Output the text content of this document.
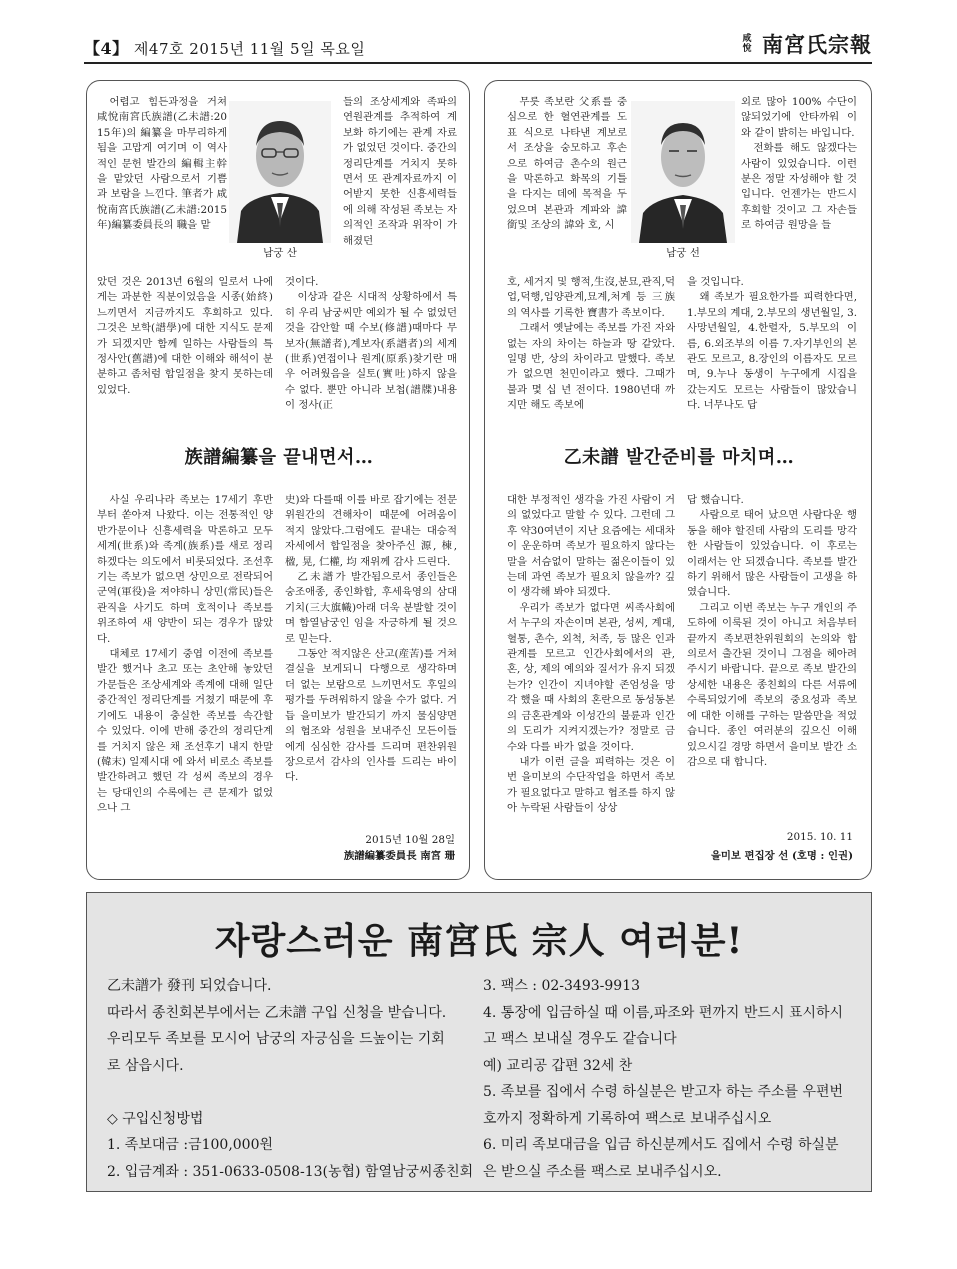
【4】 제47호 2015년 11월 5일 목요일
咸
悅 南宮氏宗報

어렵고 힘든과정을 거쳐 咸悅南宮氏族譜(乙未譜:2015年)의 編纂을 마무리하게 됨을 고맙게 여기며 이 역사적인 문헌 발간의 編輯主幹을 맡았던 사람으로서 기쁨과 보람을 느낀다. 筆者가 咸悅南宮氏族譜(乙未譜:2015年)編纂委員長의 職을 맡

남궁 산

았던 것은 2013년 6월의 일로서 나에게는 과분한 직분이었음을 시종(始終) 느끼면서 지금까지도 후회하고 있다. 그것은 보학(譜學)에 대한 지식도 문제가 되겠지만 함께 일하는 사람들의 특정사안(舊譜)에 대한 이해와 해석이 분분하고 좀처럼 합일점을 찾지 못하는데 있었다.

들의 조상세계와 족파의 연원관계를 추적하여 계보화 하기에는 관계 자료가 없었던 것이다. 중간의 정리단계를 거치지 못하면서 또 관계자료까지 이어받지 못한 신흥세력들에 의해 작성된 족보는 자의적인 조작과 위작이 가해졌던

것이다.

이상과 같은 시대적 상황하에서 특히 우리 남궁씨만 예외가 될 수 없었던 것을 감안할 때 수보(修譜)때마다 무보자(無譜者),계보자(系譜者)의 세계(世系)연접이나 원계(原系)찾기란 매우 어려웠음을 실토(實吐)하지 않을 수 없다. 뿐만 아니라 보첩(譜牒)내용이 정사(正

族譜編纂을 끝내면서…

사실 우리나라 족보는 17세기 후반부터 쏟아져 나왔다. 이는 전통적인 양반가문이나 신흥세력을 막론하고 모두 세계(世系)와 족계(族系)를 새로 정리 하겠다는 의도에서 비롯되었다. 조선후기는 족보가 없으면 상민으로 전락되어 군역(軍役)을 져야하니 상민(常民)들은 관직을 사기도 하며 호적이나 족보를 위조하여 새 양반이 되는 경우가 많았다.

대체로 17세기 중엽 이전에 족보를 발간 했거나 초고 또는 초안해 놓았던 가문들은 조상세계와 족계에 대해 일단 중간적인 정리단계를 거쳤기 때문에 후기에도 내용이 충실한 족보를 속간할 수 있었다. 이에 반해 중간의 정리단계를 거치지 않은 채 조선후기 내지 한말(韓末) 일제시대 에 와서 비로소 족보를 발간하려고 했던 각 성씨 족보의 경우는 당대인의 수록에는 큰 문제가 없었으나 그

史)와 다를때 이를 바로 잡기에는 전문위원간의 견해차이 때문에 어려움이 적지 않았다.그럼에도 끝내는 대승적 자세에서 합일점을 찾아주신 源, 棟, 楹, 晃, 仁權, 均 재위께 감사 드린다.

乙未譜가 발간됨으로서 종인들은 숭조애종, 종인화합, 후세육영의 삼대기치(三大旗幟)아래 더욱 분발할 것이며 함열남궁인 임을 자긍하게 될 것으로 믿는다.

그동안 적지않은 산고(産苦)를 거쳐 결실을 보게되니 다행으로 생각하며 더 없는 보람으로 느끼면서도 후일의 평가를 두려워하지 않을 수가 없다. 거듭 을미보가 발간되기 까지 물심양면의 협조와 성원을 보내주신 모든이들에게 심심한 감사를 드리며 편찬위원장으로서 감사의 인사를 드리는 바이다.

2015년 10월 28일
族譜編纂委員長 南宮 珊

무릇 족보란 父系를 중심으로 한 혈연관계를 도표 식으로 나타낸 계보로서 조상을 숭모하고 후손으로 하여금 촌수의 원근을 막론하고 화목의 기틀을 다지는 데에 목적을 두었으며 본관과 계파와 諱銜및 조상의 諱와 호, 시

남궁 선

호, 세거지 및 행적,生沒,분묘,관직,덕업,덕행,입양관계,묘계,처계 등 三族의 역사를 기록한 寶書가 족보이다.

그래서 옛날에는 족보를 가진 자와 없는 자의 차이는 하늘과 땅 같았다. 일명 반, 상의 차이라고 말했다. 족보가 없으면 천민이라고 했다. 그때가 불과 몇 십 년 전이다. 1980년대 까지만 해도 족보에

외로 많아 100% 수단이 않되었기에 안타까워 이와 같이 밝히는 바입니다.

전화를 해도 않겠다는 사람이 있었습니다. 이런 분은 정말 자성해야 할 것입니다. 언젠가는 반드시 후회할 것이고 그 자손들로 하여금 원망을 들

을 것입니다.

왜 족보가 필요한가를 피력한다면, 1.부모의 계대, 2.부모의 생년월일, 3.사망년월일, 4.한렬자, 5.부모의 이름, 6.외조부의 이름 7.자기부인의 본관도 모르고, 8.장인의 이름자도 모르며, 9.누나 동생이 누구에게 시집을 갔는지도 모르는 사람들이 많았습니다. 너무나도 답

乙未譜 발간준비를 마치며…

대한 부정적인 생각을 가진 사람이 거의 없었다고 말할 수 있다. 그런데 그 후 약30여년이 지난 요즘에는 세대차이 운운하며 족보가 필요하지 않다는 말을 서슴없이 말하는 젊은이들이 있는데 과연 족보가 필요치 않을까? 깊이 생각해 봐야 되겠다.

우리가 족보가 없다면 씨족사회에서 누구의 자손이며 본관, 성씨, 계대, 혈통, 촌수, 외척, 처족, 등 많은 인과관계를 모르고 인간사회에서의 관, 혼, 상, 제의 예의와 질서가 유지 되겠는가? 인간이 지녀야할 존엄성을 망각 했을 때 사회의 혼란으로 동성동본의 금혼관계와 이성간의 불륜과 인간의 도리가 지켜지겠는가? 정말로 금수와 다를 바가 없을 것이다.

내가 이런 글을 피력하는 것은 이번 을미보의 수단작업을 하면서 족보가 필요없다고 말하고 협조를 하지 않아 누락된 사람들이 상상

답 했습니다.

사람으로 태어 났으면 사람다운 행동을 해야 할진데 사람의 도리를 망각한 사람들이 있었습니다. 이 후로는 이래서는 안 되겠습니다. 족보를 발간하기 위해서 많은 사람들이 고생을 하였습니다.

그리고 이번 족보는 누구 개인의 주도하에 이룩된 것이 아니고 처음부터 끝까지 족보편찬위원회의 논의와 합의로서 출간된 것이니 그점을 헤아려 주시기 바랍니다. 끝으로 족보 발간의 상세한 내용은 종친회의 다른 서류에 수록되었기에 족보의 중요성과 족보에 대한 이해를 구하는 말씀만을 적었습니다. 종인 여러분의 깊으신 이해 있으시길 경망 하면서 을미보 발간 소감으로 대 합니다.

2015. 10. 11
을미보 편집장 선 (호명 : 인권)
자랑스러운 南宮氏 宗人 여러분!
乙未譜가 發刊 되었습니다.
따라서 종친회본부에서는 乙未譜 구입 신청을 받습니다.
우리모두 족보를 모시어 남궁의 자긍심을 드높이는 기회
로 삼읍시다.
◇ 구입신청방법
1. 족보대금 :금100,000원
2. 입금계좌 : 351-0633-0508-13(농협) 함열남궁씨종친회
3. 팩스 : 02-3493-9913
4. 통장에 입금하실 때 이름,파조와 편까지 반드시 표시하시
고 팩스 보내실 경우도 같습니다
예) 교리공 갑편 32세 찬
5. 족보를 집에서 수령 하실분은 받고자 하는 주소를 우편번
호까지 정확하게 기록하여 팩스로 보내주십시오
6. 미리 족보대금을 입금 하신분께서도 집에서 수령 하실분
은 받으실 주소를 팩스로 보내주십시오.
